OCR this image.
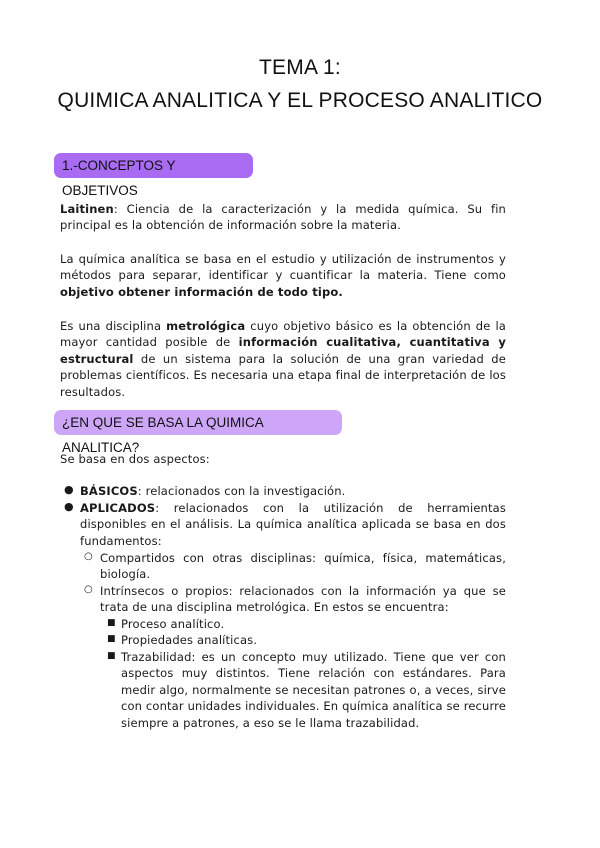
TEMA 1:
QUIMICA ANALITICA Y EL PROCESO ANALITICO
1.-CONCEPTOS Y OBJETIVOS
Laitinen: Ciencia de la caracterización y la medida química. Su fin principal es la obtención de información sobre la materia.
La química analítica se basa en el estudio y utilización de instrumentos y métodos para separar, identificar y cuantificar la materia. Tiene como objetivo obtener información de todo tipo.
Es una disciplina metrológica cuyo objetivo básico es la obtención de la mayor cantidad posible de información cualitativa, cuantitativa y estructural de un sistema para la solución de una gran variedad de problemas científicos. Es necesaria una etapa final de interpretación de los resultados.
¿EN QUE SE BASA LA QUIMICA ANALITICA?
Se basa en dos aspectos:
● BÁSICOS: relacionados con la investigación.
● APLICADOS: relacionados con la utilización de herramientas disponibles en el análisis. La química analítica aplicada se basa en dos fundamentos:
○ Compartidos con otras disciplinas: química, física, matemáticas, biología.
○ Intrínsecos o propios: relacionados con la información ya que se trata de una disciplina metrológica. En estos se encuentra:
■ Proceso analítico.
■ Propiedades analíticas.
■ Trazabilidad: es un concepto muy utilizado. Tiene que ver con aspectos muy distintos. Tiene relación con estándares. Para medir algo, normalmente se necesitan patrones o, a veces, sirve con contar unidades individuales. En química analítica se recurre siempre a patrones, a eso se le llama trazabilidad.
